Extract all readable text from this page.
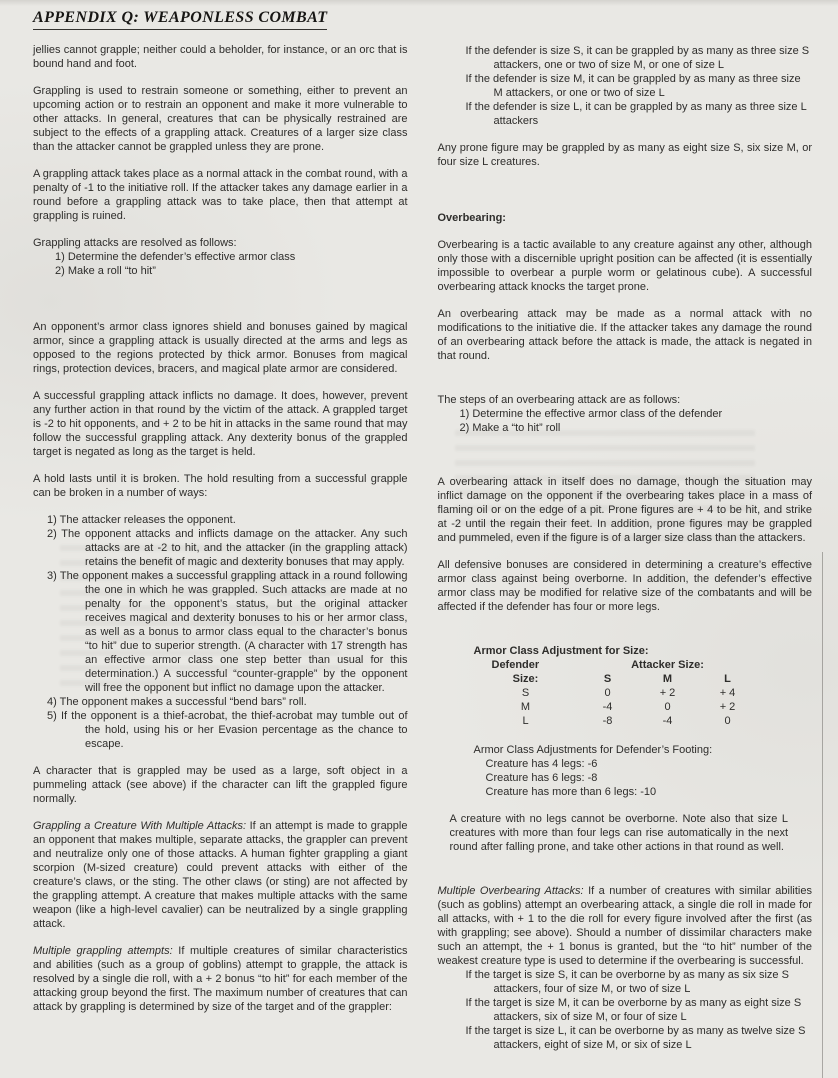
APPENDIX Q: WEAPONLESS COMBAT

jellies cannot grapple; neither could a beholder, for instance, or an orc that is bound hand and foot.

Grappling is used to restrain someone or something, either to prevent an upcoming action or to restrain an opponent and make it more vulnerable to other attacks. In general, creatures that can be physically restrained are subject to the effects of a grappling attack. Creatures of a larger size class than the attacker cannot be grappled unless they are prone.

A grappling attack takes place as a normal attack in the combat round, with a penalty of -1 to the initiative roll. If the attacker takes any damage earlier in a round before a grappling attack was to take place, then that attempt at grappling is ruined.

Grappling attacks are resolved as follows:

1) Determine the defender’s effective armor class
2) Make a roll “to hit”

An opponent’s armor class ignores shield and bonuses gained by magical armor, since a grappling attack is usually directed at the arms and legs as opposed to the regions protected by thick armor. Bonuses from magical rings, protection devices, bracers, and magical plate armor are considered.

A successful grappling attack inflicts no damage. It does, however, prevent any further action in that round by the victim of the attack. A grappled target is -2 to hit opponents, and + 2 to be hit in attacks in the same round that may follow the successful grappling attack. Any dexterity bonus of the grappled target is negated as long as the target is held.

A hold lasts until it is broken. The hold resulting from a successful grapple can be broken in a number of ways:

1) The attacker releases the opponent.
2) The opponent attacks and inflicts damage on the attacker. Any such attacks are at -2 to hit, and the attacker (in the grappling attack) retains the benefit of magic and dexterity bonuses that may apply.
3) The opponent makes a successful grappling attack in a round following the one in which he was grappled. Such attacks are made at no penalty for the opponent’s status, but the original attacker receives magical and dexterity bonuses to his or her armor class, as well as a bonus to armor class equal to the character’s bonus “to hit” due to superior strength. (A character with 17 strength has an effective armor class one step better than usual for this determination.) A successful “counter-grapple” by the opponent will free the opponent but inflict no damage upon the attacker.
4) The opponent makes a successful “bend bars” roll.
5) If the opponent is a thief-acrobat, the thief-acrobat may tumble out of the hold, using his or her Evasion percentage as the chance to escape.

A character that is grappled may be used as a large, soft object in a pummeling attack (see above) if the character can lift the grappled figure normally.

Grappling a Creature With Multiple Attacks: If an attempt is made to grapple an opponent that makes multiple, separate attacks, the grappler can prevent and neutralize only one of those attacks. A human fighter grappling a giant scorpion (M-sized creature) could prevent attacks with either of the creature’s claws, or the sting. The other claws (or sting) are not affected by the grappling attempt. A creature that makes multiple attacks with the same weapon (like a high-level cavalier) can be neutralized by a single grappling attack.

Multiple grappling attempts: If multiple creatures of similar characteristics and abilities (such as a group of goblins) attempt to grapple, the attack is resolved by a single die roll, with a + 2 bonus “to hit” for each member of the attacking group beyond the first. The maximum number of creatures that can attack by grappling is determined by size of the target and of the grappler:

If the defender is size S, it can be grappled by as many as three size S attackers, one or two of size M, or one of size L
If the defender is size M, it can be grappled by as many as three size M attackers, or one or two of size L
If the defender is size L, it can be grappled by as many as three size L attackers

Any prone figure may be grappled by as many as eight size S, six size M, or four size L creatures.

Overbearing:

Overbearing is a tactic available to any creature against any other, although only those with a discernible upright position can be affected (it is essentially impossible to overbear a purple worm or gelatinous cube). A successful overbearing attack knocks the target prone.

An overbearing attack may be made as a normal attack with no modifications to the initiative die. If the attacker takes any damage the round of an overbearing attack before the attack is made, the attack is negated in that round.

The steps of an overbearing attack are as follows:

1) Determine the effective armor class of the defender
2) Make a “to hit” roll

A overbearing attack in itself does no damage, though the situation may inflict damage on the opponent if the overbearing takes place in a mass of flaming oil or on the edge of a pit. Prone figures are + 4 to be hit, and strike at -2 until the regain their feet. In addition, prone figures may be grappled and pummeled, even if the figure is of a larger size class than the attackers.

All defensive bonuses are considered in determining a creature’s effective armor class against being overborne. In addition, the defender’s effective armor class may be modified for relative size of the combatants and will be affected if the defender has four or more legs.

Armor Class Adjustment for Size:
Defender	Attacker Size:
Size:	S	M	L
S	0	+ 2	+ 4
M	-4	0	+ 2
L	-8	-4	0
Armor Class Adjustments for Defender’s Footing:
Creature has 4 legs: -6
Creature has 6 legs: -8
Creature has more than 6 legs: -10

A creature with no legs cannot be overborne. Note also that size L creatures with more than four legs can rise automatically in the next round after falling prone, and take other actions in that round as well.

Multiple Overbearing Attacks: If a number of creatures with similar abilities (such as goblins) attempt an overbearing attack, a single die roll in made for all attacks, with + 1 to the die roll for every figure involved after the first (as with grappling; see above). Should a number of dissimilar characters make such an attempt, the + 1 bonus is granted, but the “to hit” number of the weakest creature type is used to determine if the overbearing is successful.

If the target is size S, it can be overborne by as many as six size S attackers, four of size M, or two of size L
If the target is size M, it can be overborne by as many as eight size S attackers, six of size M, or four of size L
If the target is size L, it can be overborne by as many as twelve size S attackers, eight of size M, or six of size L
